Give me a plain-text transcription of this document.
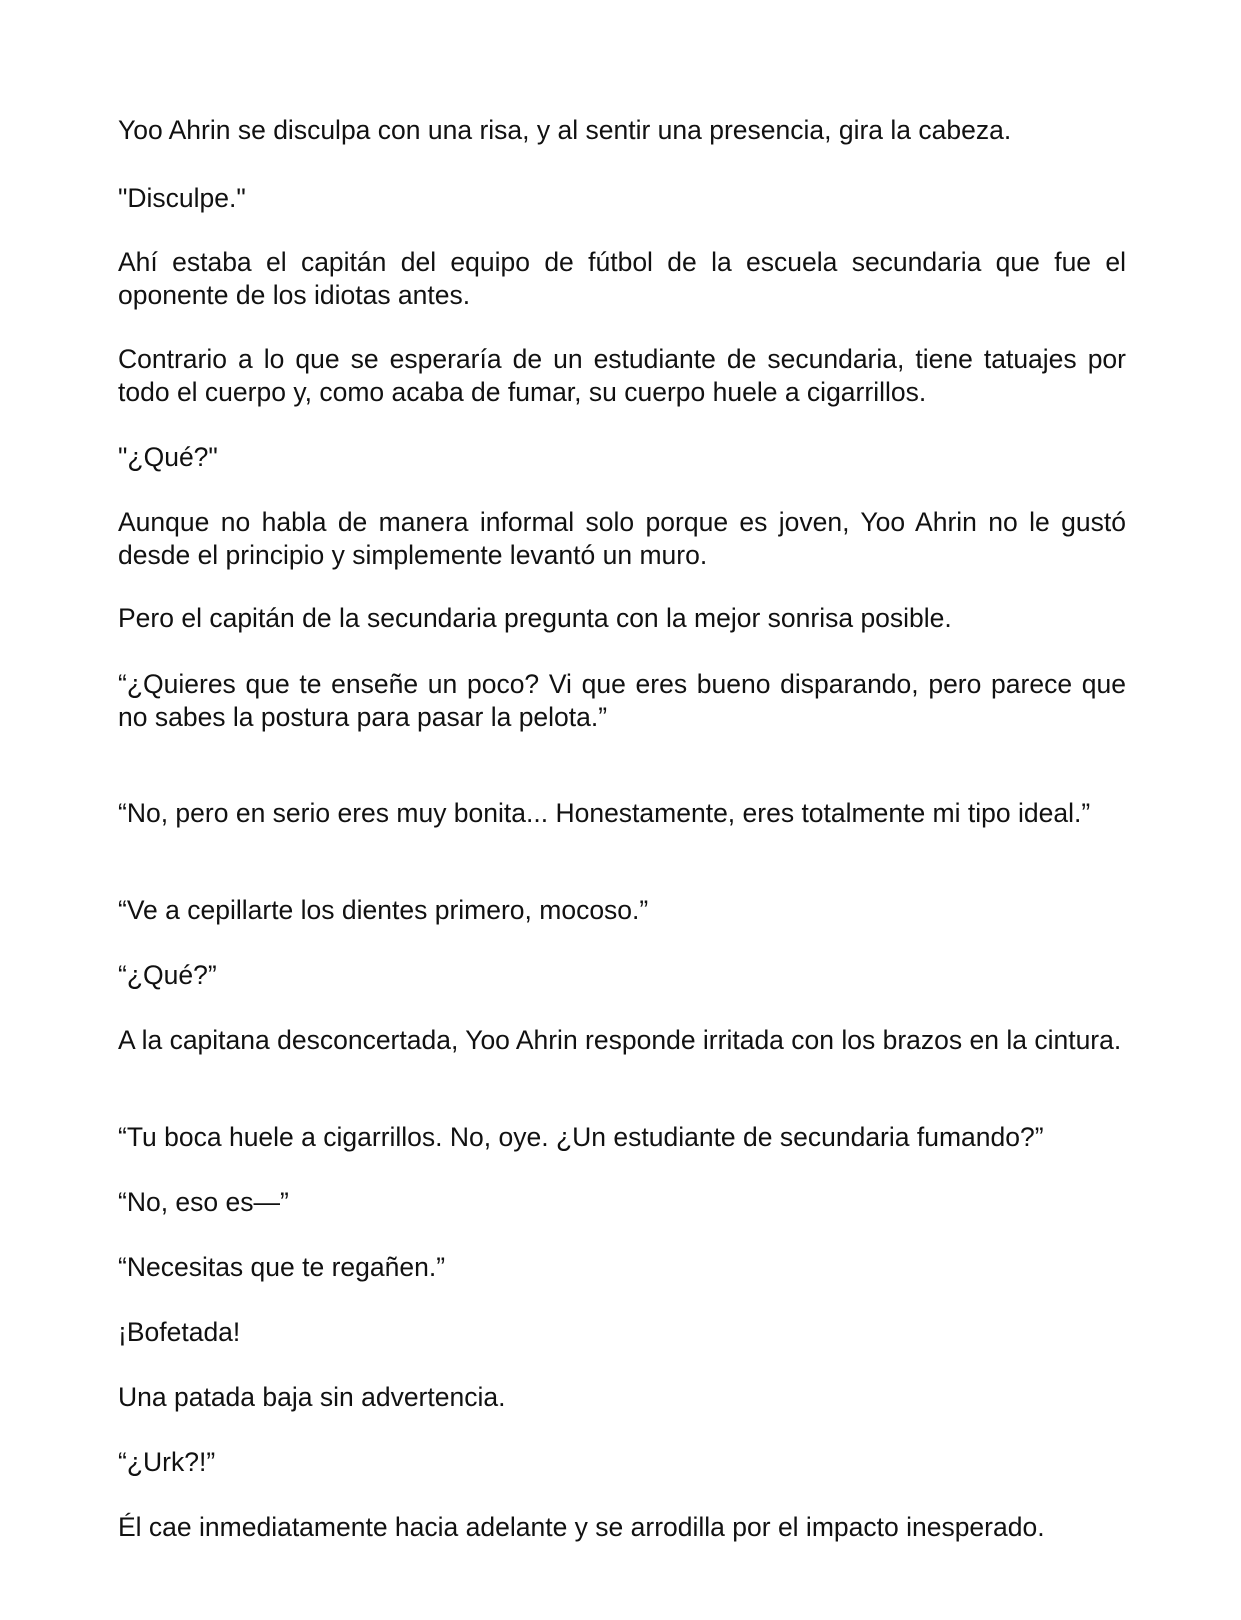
Yoo Ahrin se disculpa con una risa, y al sentir una presencia, gira la cabeza.

"Disculpe."

Ahí estaba el capitán del equipo de fútbol de la escuela secundaria que fue el oponente de los idiotas antes.

Contrario a lo que se esperaría de un estudiante de secundaria, tiene tatuajes por todo el cuerpo y, como acaba de fumar, su cuerpo huele a cigarrillos.

"¿Qué?"

Aunque no habla de manera informal solo porque es joven, Yoo Ahrin no le gustó desde el principio y simplemente levantó un muro.

Pero el capitán de la secundaria pregunta con la mejor sonrisa posible.

“¿Quieres que te enseñe un poco? Vi que eres bueno disparando, pero parece que no sabes la postura para pasar la pelota.”

“No, pero en serio eres muy bonita... Honestamente, eres totalmente mi tipo ideal.”

“Ve a cepillarte los dientes primero, mocoso.”

“¿Qué?”

A la capitana desconcertada, Yoo Ahrin responde irritada con los brazos en la cintura.

“Tu boca huele a cigarrillos. No, oye. ¿Un estudiante de secundaria fumando?”

“No, eso es—”

“Necesitas que te regañen.”

¡Bofetada!

Una patada baja sin advertencia.

“¿Urk?!”

Él cae inmediatamente hacia adelante y se arrodilla por el impacto inesperado.
